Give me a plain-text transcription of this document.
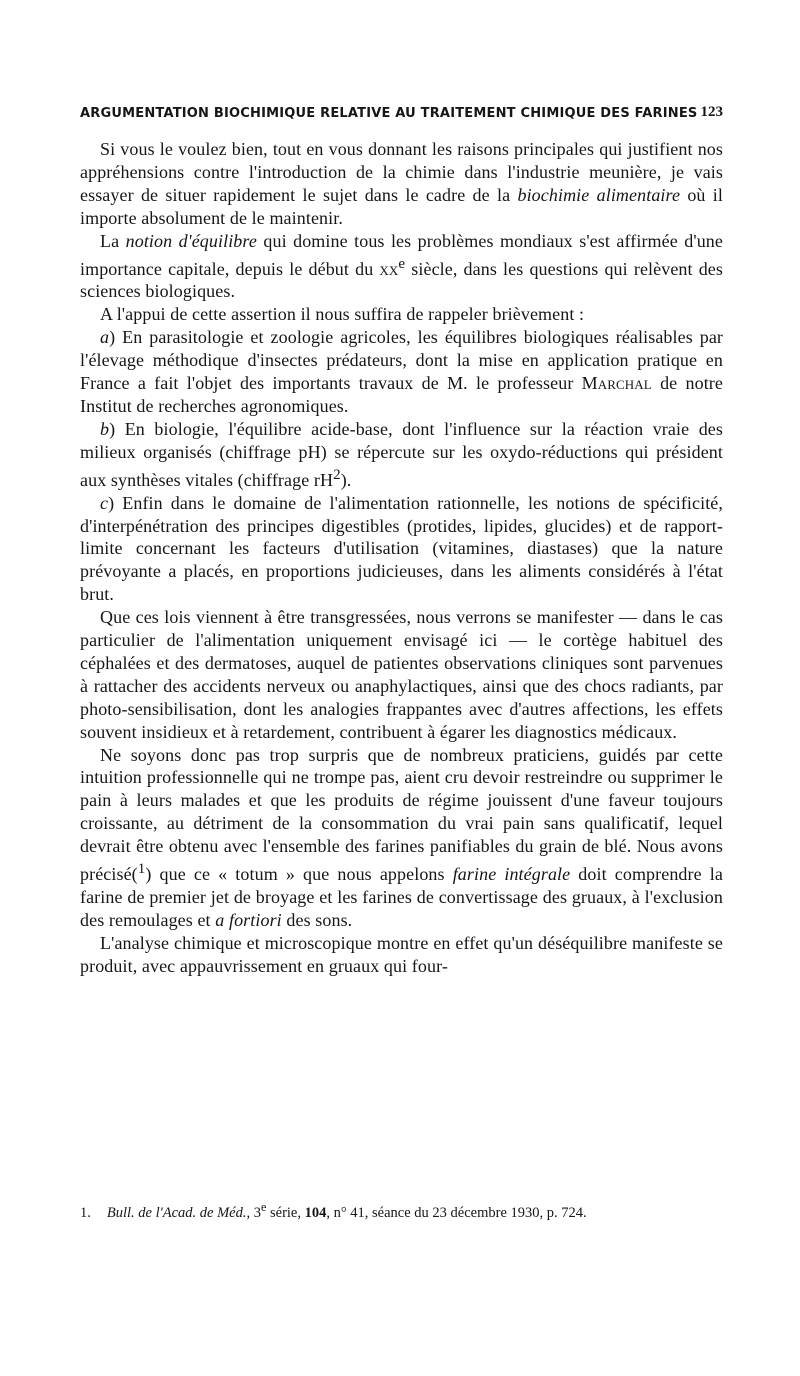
ARGUMENTATION BIOCHIMIQUE RELATIVE AU TRAITEMENT CHIMIQUE DES FARINES 123

Si vous le voulez bien, tout en vous donnant les raisons principales qui justifient nos appréhensions contre l'introduction de la chimie dans l'industrie meunière, je vais essayer de situer rapidement le sujet dans le cadre de la biochimie alimentaire où il importe absolument de le maintenir.

La notion d'équilibre qui domine tous les problèmes mondiaux s'est affirmée d'une importance capitale, depuis le début du $xx^e$ siècle, dans les questions qui relèvent des sciences biologiques.

A l'appui de cette assertion il nous suffira de rappeler brièvement :

a) En parasitologie et zoologie agricoles, les équilibres biologiques réalisables par l'élevage méthodique d'insectes prédateurs, dont la mise en application pratique en France a fait l'objet des importants travaux de M. le professeur Marchal de notre Institut de recherches agronomiques.

b) En biologie, l'équilibre acide-base, dont l'influence sur la réaction vraie des milieux organisés (chiffrage pH) se répercute sur les oxydo-réductions qui président aux synthèses vitales (chiffrage $rH^2$).

c) Enfin dans le domaine de l'alimentation rationnelle, les notions de spécificité, d'interpénétration des principes digestibles (protides, lipides, glucides) et de rapport-limite concernant les facteurs d'utilisation (vitamines, diastases) que la nature prévoyante a placés, en proportions judicieuses, dans les aliments considérés à l'état brut.

Que ces lois viennent à être transgressées, nous verrons se manifester — dans le cas particulier de l'alimentation uniquement envisagé ici — le cortège habituel des céphalées et des dermatoses, auquel de patientes observations cliniques sont parvenues à rattacher des accidents nerveux ou anaphylactiques, ainsi que des chocs radiants, par photo-sensibilisation, dont les analogies frappantes avec d'autres affections, les effets souvent insidieux et à retardement, contribuent à égarer les diagnostics médicaux.

Ne soyons donc pas trop surpris que de nombreux praticiens, guidés par cette intuition professionnelle qui ne trompe pas, aient cru devoir restreindre ou supprimer le pain à leurs malades et que les produits de régime jouissent d'une faveur toujours croissante, au détriment de la consommation du vrai pain sans qualificatif, lequel devrait être obtenu avec l'ensemble des farines panifiables du grain de blé. Nous avons précisé($^1$) que ce « totum » que nous appelons farine intégrale doit comprendre la farine de premier jet de broyage et les farines de convertissage des gruaux, à l'exclusion des remoulages et a fortiori des sons.

L'analyse chimique et microscopique montre en effet qu'un déséquilibre manifeste se produit, avec appauvrissement en gruaux qui four-

1. Bull. de l'Acad. de Méd., 3e série, 104, n° 41, séance du 23 décembre 1930, p. 724.
